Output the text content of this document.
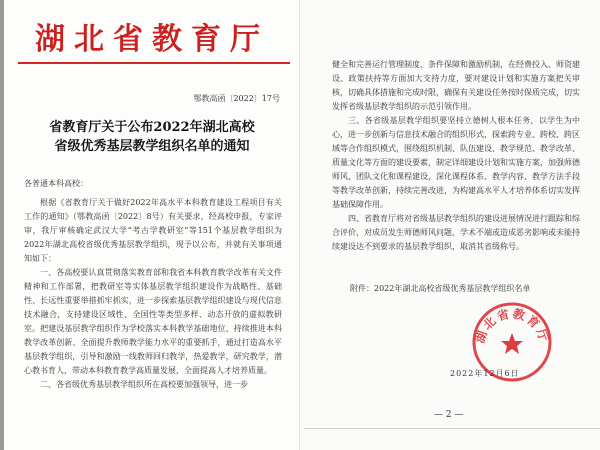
湖北省教育厅
鄂教高函〔2022〕17号
省教育厅关于公布2022年湖北高校
省级优秀基层教学组织名单的通知
各普通本科高校：

根据《省教育厅关于做好2022年高水平本科教育建设工程项目有关工作的通知》（鄂教高函〔2022〕8号）有关要求，经高校申报，专家评审，我厅审核确定武汉大学“考古学教研室”等151个基层教学组织为2022年湖北高校省级优秀基层教学组织，现予以公布，并就有关事项通知如下：

一、各高校要认真贯彻落实教育部和我省本科教育教学改革有关文件精神和工作部署，把教研室等实体基层教学组织建设作为战略性、基础性、长远性重要举措抓牢抓实，进一步探索基层教学组织建设与现代信息技术融合，支持建设区域性、全国性等类型多样、动态开放的虚拟教研室。把建设基层教学组织作为学校落实本科教学基础地位、持续推进本科教学改革创新、全面提升教师教学能力水平的重要抓手，通过打造高水平基层教学组织，引导和激励一线教师回归教学，热爱教学，研究教学，潜心教书育人，带动本科教育教学高质量发展，全面提高人才培养质量。

二、各省级优秀基层教学组织所在高校要加强领导，进一步

健全和完善运行管理制度、条件保障和激励机制，在经费投入、师资建设、政策扶持等方面加大支持力度，要对建设计划和实施方案把关审核，切确具体措施和完成时限，确保有关建设任务按时保质完成，切实发挥省级基层教学组织的示范引领作用。

三、各省级基层教学组织要坚持立德树人根本任务，以学生为中心，进一步创新与信息技术融合的组织形式，探索跨专业、跨校、跨区域等合作组织模式，围绕组织机制、队伍建设、教学规范、教学改革、质量文化等方面的建设要素，制定详细建设计划和实施方案，加强师德师风、团队文化和课程建设，深化课程体系、教学内容、教学方法手段等教学改革创新，持续完善改进，为构建高水平人才培养体系切实发挥基础保障作用。

四、省教育厅将对省级基层教学组织的建设进展情况进行跟踪和综合评价，对成员发生师德师风问题、学术不端或造成恶劣影响或未能持续建设达不到要求的基层教学组织，取消其省级称号。

附件：2022年湖北高校省级优秀基层教学组织名单
湖北省教育厅
2022年12月6日
— 2 —
